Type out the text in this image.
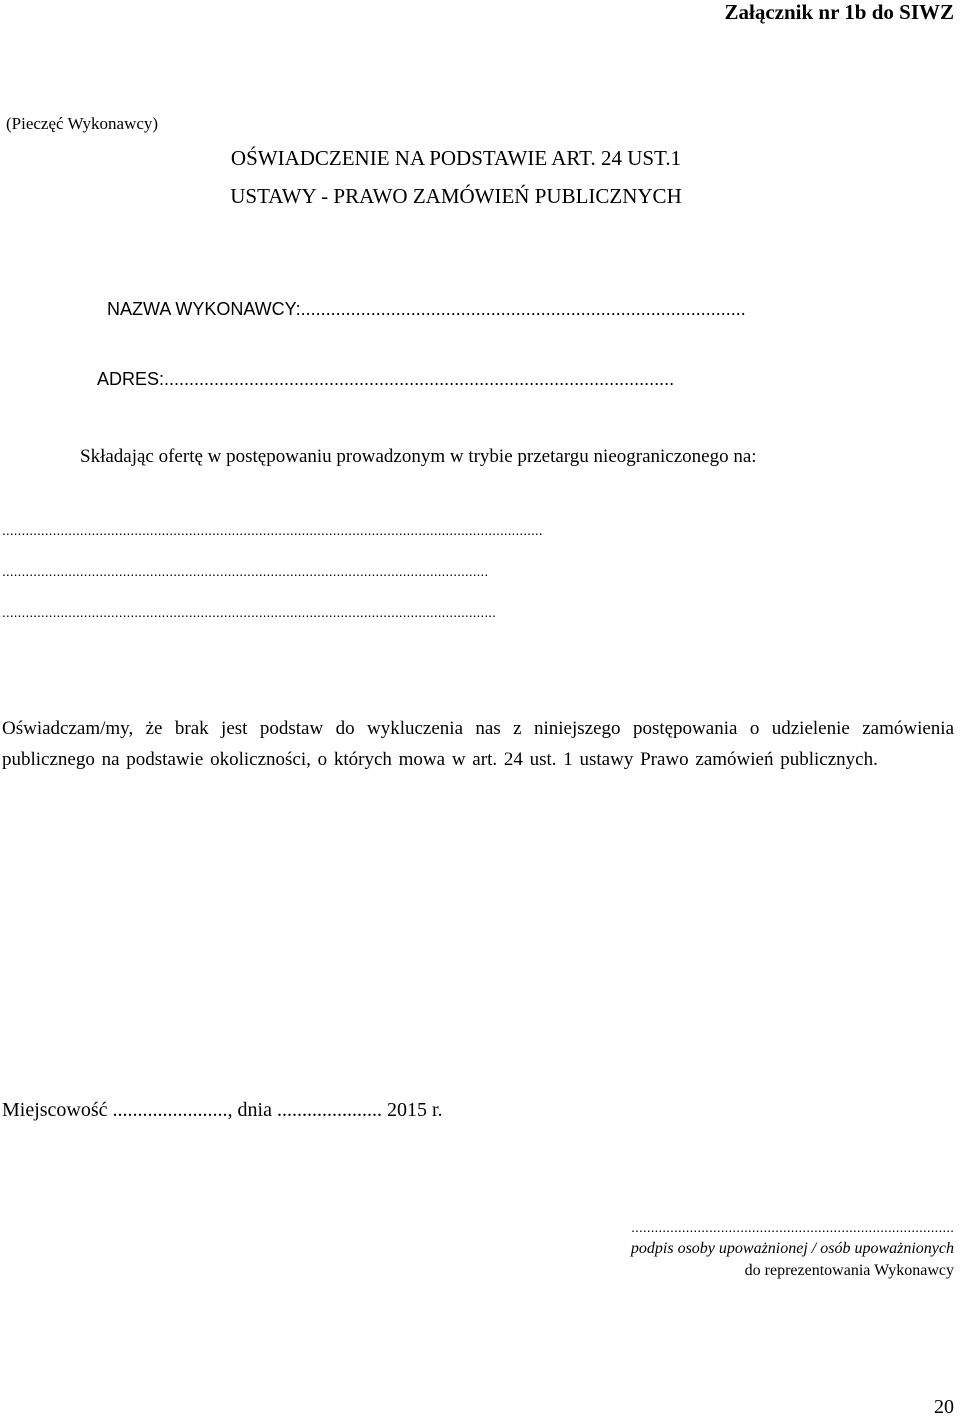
Załącznik nr 1b do SIWZ
(Pieczęć Wykonawcy)
OŚWIADCZENIE NA PODSTAWIE ART. 24 UST.1
USTAWY - PRAWO ZAMÓWIEŃ PUBLICZNYCH
NAZWA WYKONAWCY:.........................................................................................
ADRES:......................................................................................................
Składając ofertę w postępowaniu prowadzonym w trybie przetargu nieograniczonego na:
...........................................................................................................................................
.............................................................................................................................
...............................................................................................................................
Oświadczam/my, że brak jest podstaw do wykluczenia nas z niniejszego postępowania o udzielenie zamówienia publicznego na podstawie okoliczności, o których mowa w art. 24 ust. 1 ustawy Prawo zamówień publicznych.
Miejscowość ......................., dnia ..................... 2015 r.
...................................................................................
podpis osoby upoważnionej / osób upoważnionych
do reprezentowania Wykonawcy
20
